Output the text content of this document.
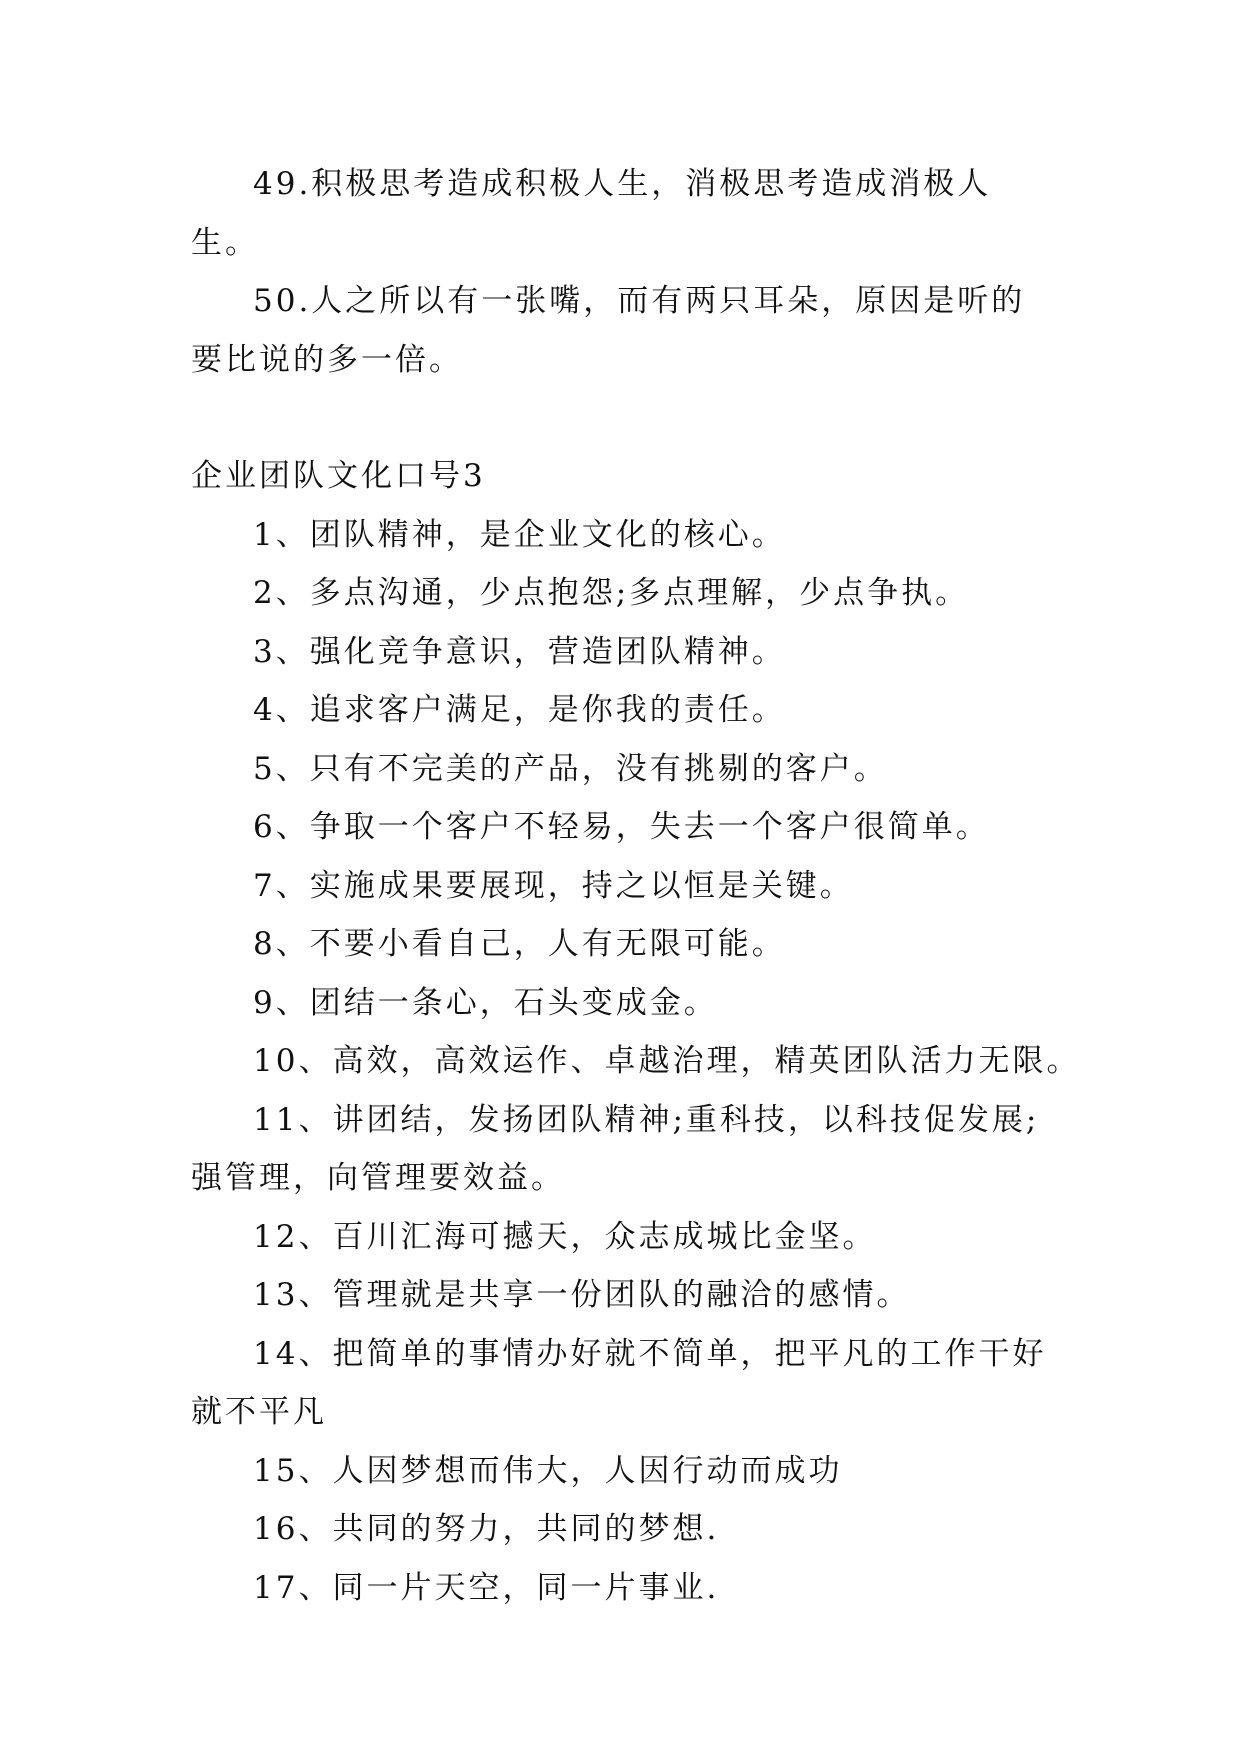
49.积极思考造成积极人生，消极思考造成消极人生。

50.人之所以有一张嘴，而有两只耳朵，原因是听的要比说的多一倍。

企业团队文化口号3

1、团队精神，是企业文化的核心。

2、多点沟通，少点抱怨;多点理解，少点争执。

3、强化竞争意识，营造团队精神。

4、追求客户满足，是你我的责任。

5、只有不完美的产品，没有挑剔的客户。

6、争取一个客户不轻易，失去一个客户很简单。

7、实施成果要展现，持之以恒是关键。

8、不要小看自己，人有无限可能。

9、团结一条心，石头变成金。

10、高效，高效运作、卓越治理，精英团队活力无限。

11、讲团结，发扬团队精神;重科技，以科技促发展;强管理，向管理要效益。

12、百川汇海可撼天，众志成城比金坚。

13、管理就是共享一份团队的融洽的感情。

14、把简单的事情办好就不简单，把平凡的工作干好就不平凡

15、人因梦想而伟大，人因行动而成功

16、共同的努力，共同的梦想.

17、同一片天空，同一片事业.
